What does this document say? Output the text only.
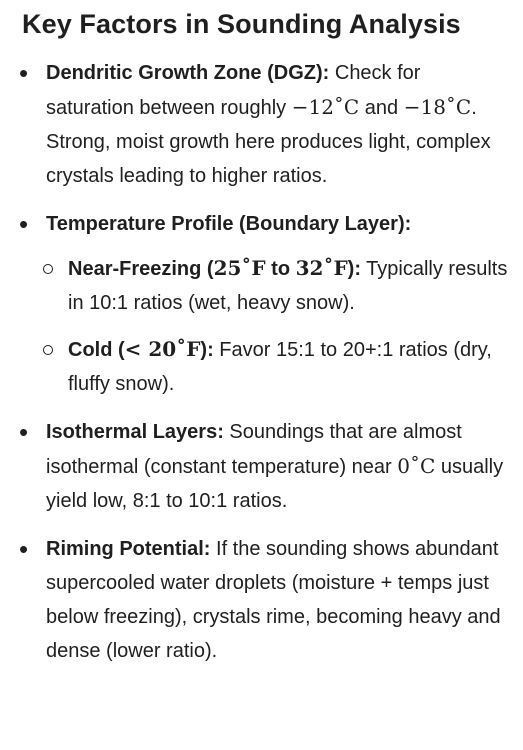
Key Factors in Sounding Analysis
• Dendritic Growth Zone (DGZ): Check for saturation between roughly −12˚C and −18˚C. Strong, moist growth here produces light, complex crystals leading to higher ratios.
• Temperature Profile (Boundary Layer):
Near-Freezing (25˚F to 32˚F): Typically results in 10:1 ratios (wet, heavy snow).
Cold (< 20˚F): Favor 15:1 to 20+:1 ratios (dry, fluffy snow).
• Isothermal Layers: Soundings that are almost isothermal (constant temperature) near 0˚C usually yield low, 8:1 to 10:1 ratios.
• Riming Potential: If the sounding shows abundant supercooled water droplets (moisture + temps just below freezing), crystals rime, becoming heavy and dense (lower ratio).
